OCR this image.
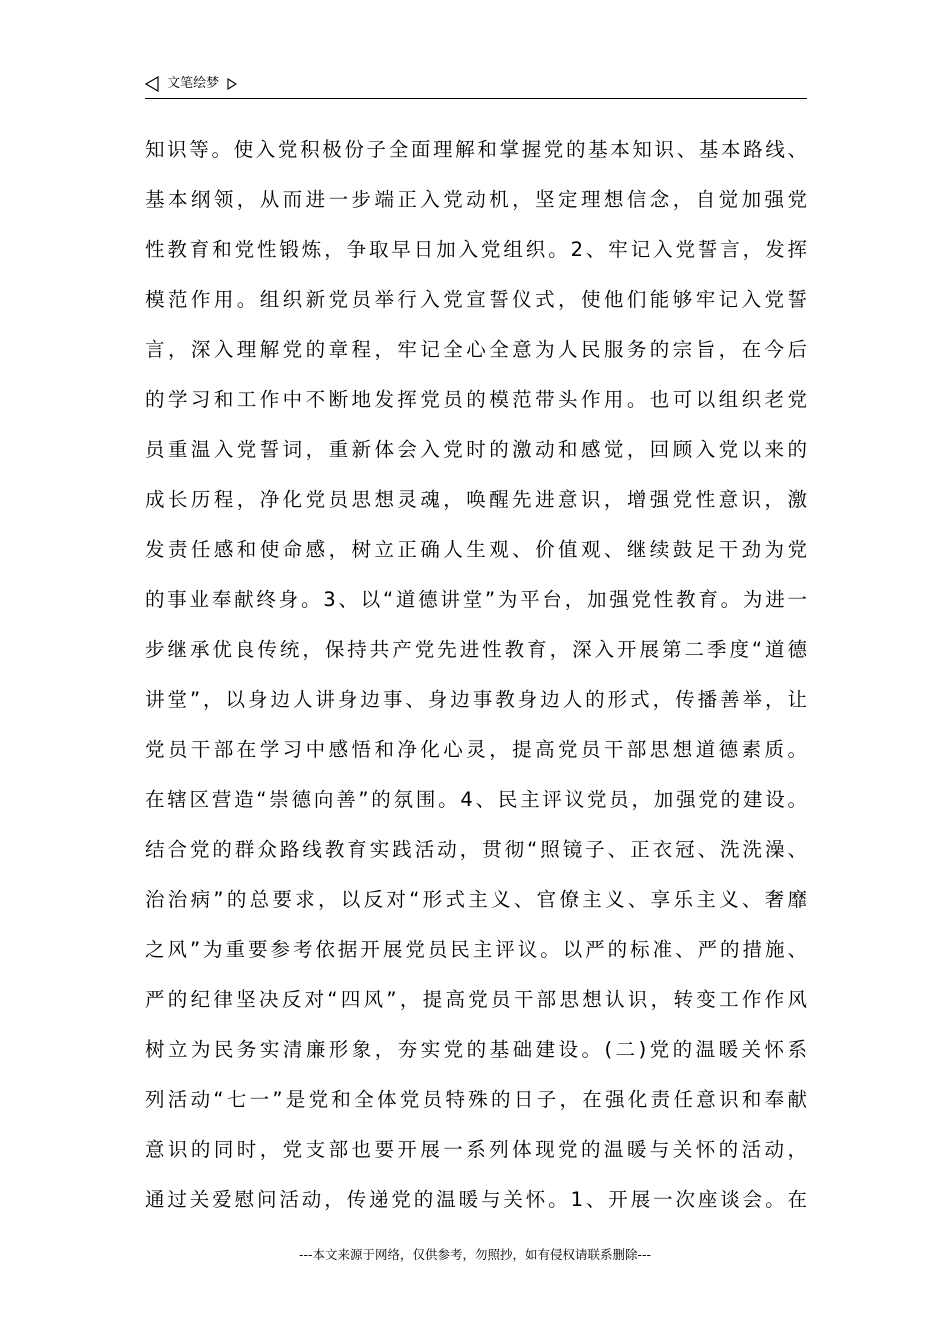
文笔绘梦
知识等。使入党积极份子全面理解和掌握党的基本知识、基本路线、
基本纲领，从而进一步端正入党动机，坚定理想信念，自觉加强党
性教育和党性锻炼，争取早日加入党组织。2、牢记入党誓言，发挥
模范作用。组织新党员举行入党宣誓仪式，使他们能够牢记入党誓
言，深入理解党的章程，牢记全心全意为人民服务的宗旨，在今后
的学习和工作中不断地发挥党员的模范带头作用。也可以组织老党
员重温入党誓词，重新体会入党时的激动和感觉，回顾入党以来的
成长历程，净化党员思想灵魂，唤醒先进意识，增强党性意识，激
发责任感和使命感，树立正确人生观、价值观、继续鼓足干劲为党
的事业奉献终身。3、以“道德讲堂”为平台，加强党性教育。为进一
步继承优良传统，保持共产党先进性教育，深入开展第二季度“道德
讲堂”，以身边人讲身边事、身边事教身边人的形式，传播善举，让
党员干部在学习中感悟和净化心灵，提高党员干部思想道德素质。
在辖区营造“崇德向善”的氛围。4、民主评议党员，加强党的建设。
结合党的群众路线教育实践活动，贯彻“照镜子、正衣冠、洗洗澡、
治治病”的总要求，以反对“形式主义、官僚主义、享乐主义、奢靡
之风”为重要参考依据开展党员民主评议。以严的标准、严的措施、
严的纪律坚决反对“四风”，提高党员干部思想认识，转变工作作风
树立为民务实清廉形象，夯实党的基础建设。(二)党的温暖关怀系
列活动“七一”是党和全体党员特殊的日子，在强化责任意识和奉献
意识的同时，党支部也要开展一系列体现党的温暖与关怀的活动，
通过关爱慰问活动，传递党的温暖与关怀。1、开展一次座谈会。在
---本文来源于网络，仅供参考，勿照抄，如有侵权请联系删除---
